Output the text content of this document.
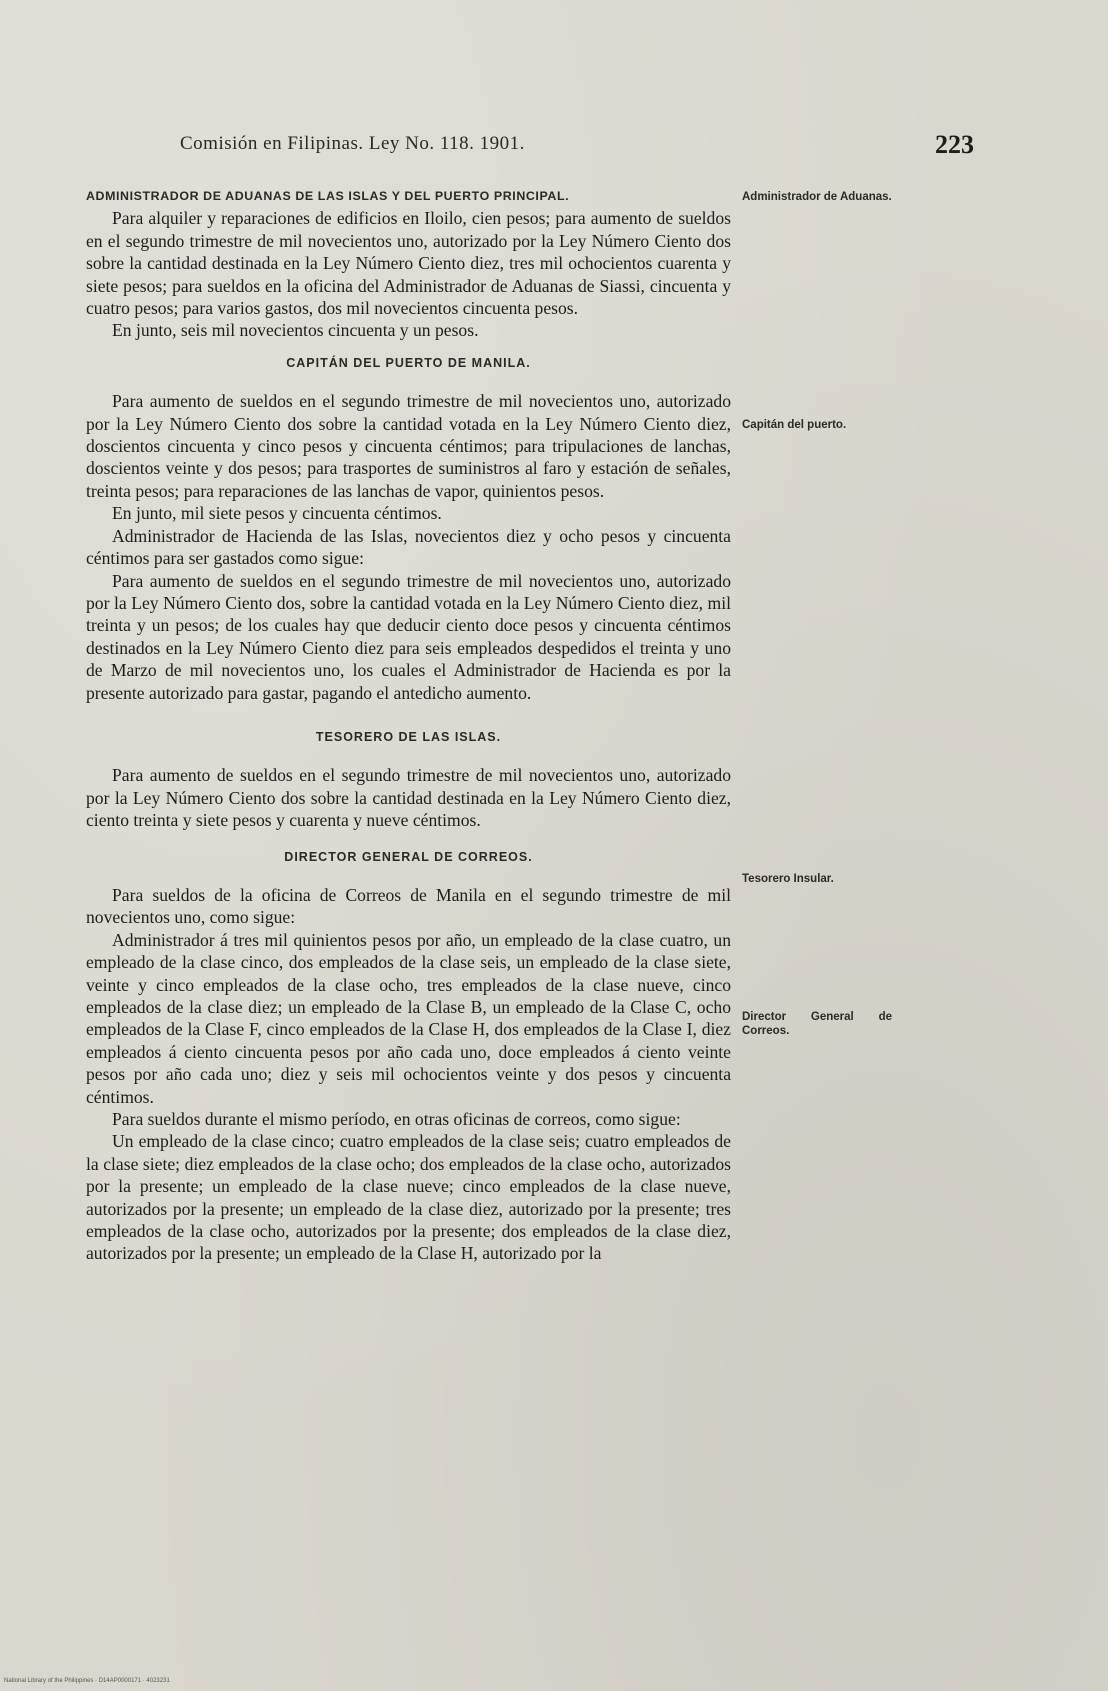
Comisión en Filipinas. Ley No. 118. 1901.	223
ADMINISTRADOR DE ADUANAS DE LAS ISLAS Y DEL PUERTO PRINCIPAL.

Para alquiler y reparaciones de edificios en Iloilo, cien pesos; para aumento de sueldos en el segundo trimestre de mil novecientos uno, autorizado por la Ley Número Ciento dos sobre la cantidad destinada en la Ley Número Ciento diez, tres mil ochocientos cuarenta y siete pesos; para sueldos en la oficina del Administrador de Aduanas de Siassi, cincuenta y cuatro pesos; para varios gastos, dos mil novecientos cincuenta pesos.

En junto, seis mil novecientos cincuenta y un pesos.

CAPITÁN DEL PUERTO DE MANILA.

Para aumento de sueldos en el segundo trimestre de mil novecientos uno, autorizado por la Ley Número Ciento dos sobre la cantidad votada en la Ley Número Ciento diez, doscientos cincuenta y cinco pesos y cincuenta céntimos; para tripulaciones de lanchas, doscientos veinte y dos pesos; para trasportes de suministros al faro y estación de señales, treinta pesos; para reparaciones de las lanchas de vapor, quinientos pesos.

En junto, mil siete pesos y cincuenta céntimos.

Administrador de Hacienda de las Islas, novecientos diez y ocho pesos y cincuenta céntimos para ser gastados como sigue:

Para aumento de sueldos en el segundo trimestre de mil novecientos uno, autorizado por la Ley Número Ciento dos, sobre la cantidad votada en la Ley Número Ciento diez, mil treinta y un pesos; de los cuales hay que deducir ciento doce pesos y cincuenta céntimos destinados en la Ley Número Ciento diez para seis empleados despedidos el treinta y uno de Marzo de mil novecientos uno, los cuales el Administrador de Hacienda es por la presente autorizado para gastar, pagando el antedicho aumento.

TESORERO DE LAS ISLAS.

Para aumento de sueldos en el segundo trimestre de mil novecientos uno, autorizado por la Ley Número Ciento dos sobre la cantidad destinada en la Ley Número Ciento diez, ciento treinta y siete pesos y cuarenta y nueve céntimos.

DIRECTOR GENERAL DE CORREOS.

Para sueldos de la oficina de Correos de Manila en el segundo trimestre de mil novecientos uno, como sigue:

Administrador á tres mil quinientos pesos por año, un empleado de la clase cuatro, un empleado de la clase cinco, dos empleados de la clase seis, un empleado de la clase siete, veinte y cinco empleados de la clase ocho, tres empleados de la clase nueve, cinco empleados de la clase diez; un empleado de la Clase B, un empleado de la Clase C, ocho empleados de la Clase F, cinco empleados de la Clase H, dos empleados de la Clase I, diez empleados á ciento cincuenta pesos por año cada uno, doce empleados á ciento veinte pesos por año cada uno; diez y seis mil ochocientos veinte y dos pesos y cincuenta céntimos.

Para sueldos durante el mismo período, en otras oficinas de correos, como sigue:

Un empleado de la clase cinco; cuatro empleados de la clase seis; cuatro empleados de la clase siete; diez empleados de la clase ocho; dos empleados de la clase ocho, autorizados por la presente; un empleado de la clase nueve; cinco empleados de la clase nueve, autorizados por la presente; un empleado de la clase diez, autorizado por la presente; tres empleados de la clase ocho, autorizados por la presente; dos empleados de la clase diez, autorizados por la presente; un empleado de la Clase H, autorizado por la

Administrador de Aduanas.
Capitán del puerto.
Tesorero Insular.
Director General de Correos.
National Library of the Philippines · D14AP0000171 · 4023231
